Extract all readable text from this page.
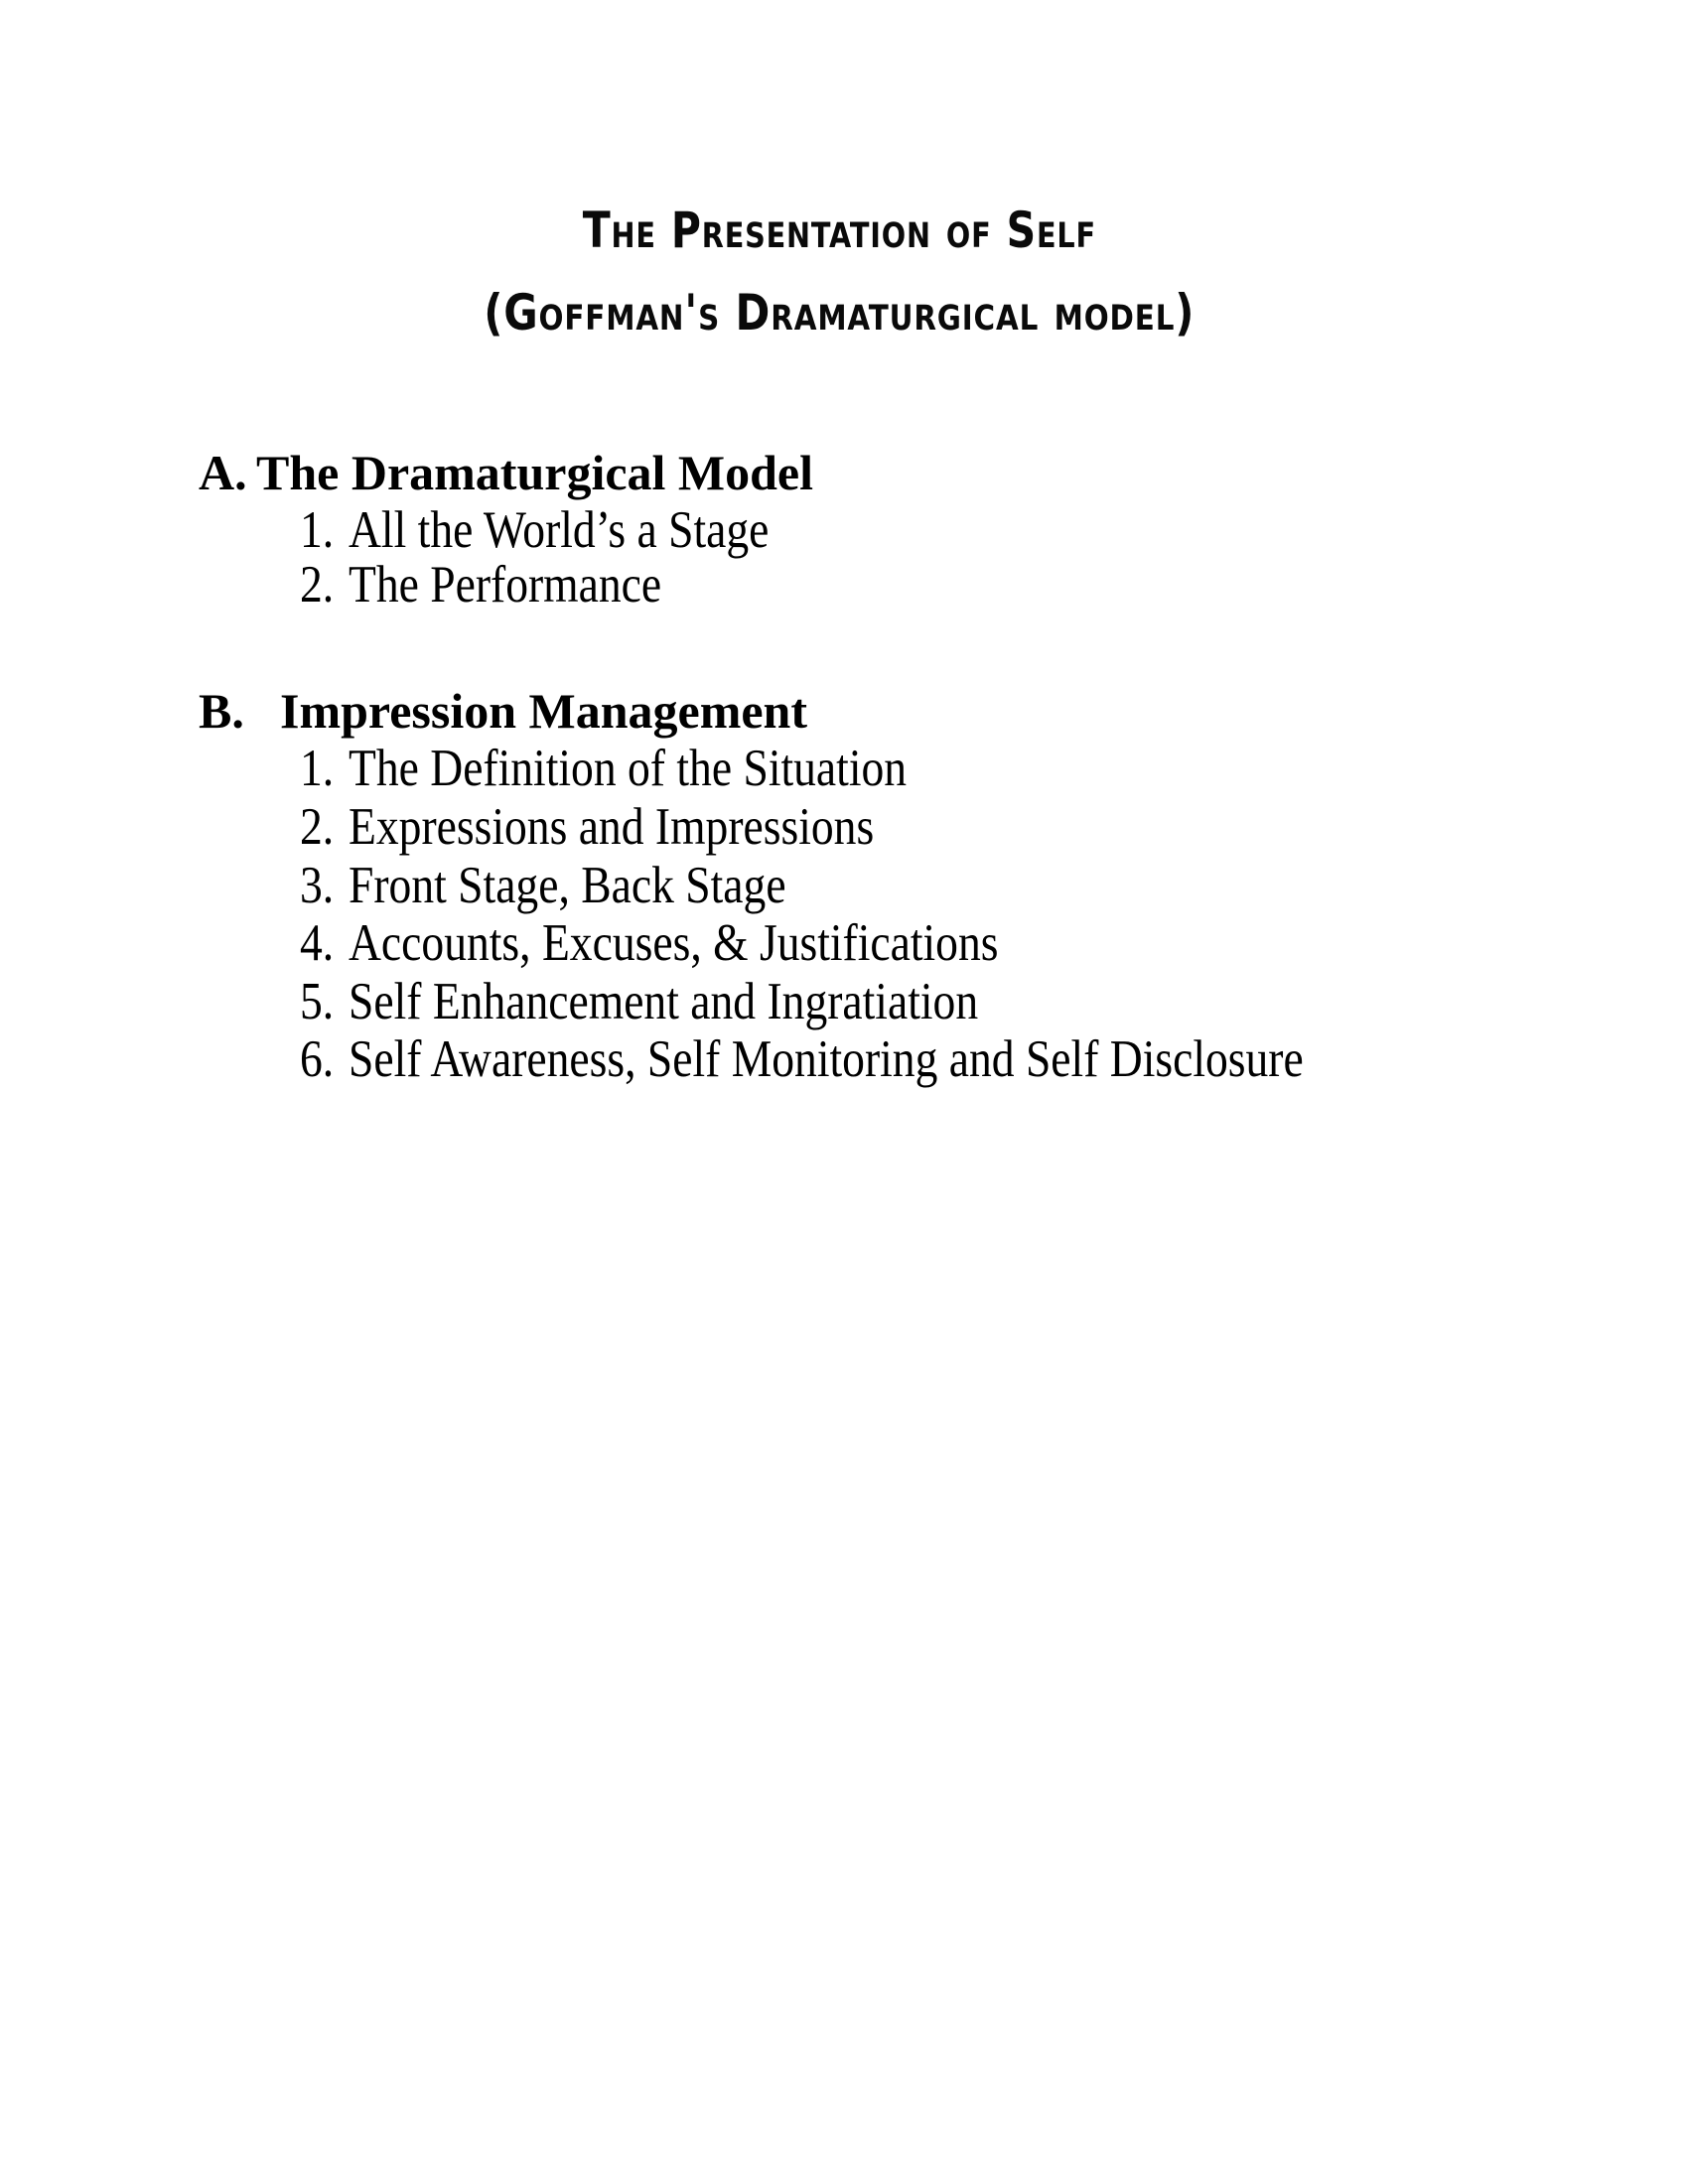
The Presentation of Self
(Goffman's Dramaturgical model)
A. The Dramaturgical Model
1. All the World’s a Stage
2. The Performance
B. Impression Management
1. The Definition of the Situation
2. Expressions and Impressions
3. Front Stage, Back Stage
4. Accounts, Excuses, & Justifications
5. Self Enhancement and Ingratiation
6. Self Awareness, Self Monitoring and Self Disclosure
